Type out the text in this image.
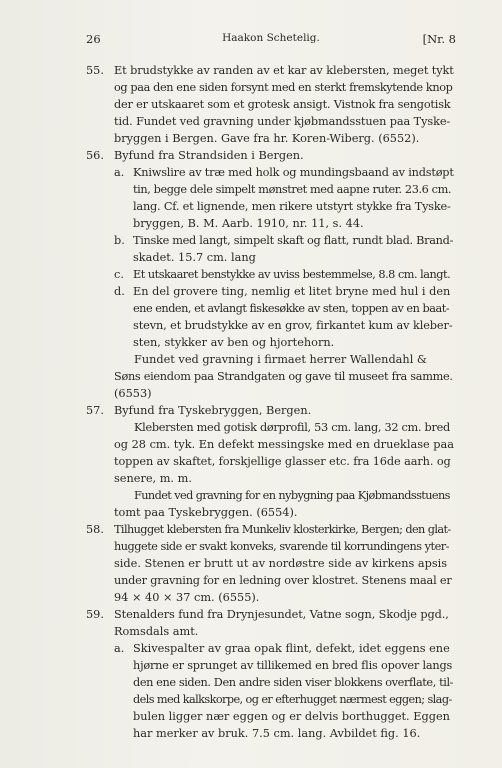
26	Haakon Schetelig.	[Nr. 8
55. Et brudstykke av randen av et kar av klebersten, meget tykt
og paa den ene siden forsynt med en sterkt fremskytende knop
der er utskaaret som et grotesk ansigt. Vistnok fra sengotisk
tid. Fundet ved gravning under kjøbmandsstuen paa Tyske-
bryggen i Bergen. Gave fra hr. Koren-Wiberg. (6552).
56. Byfund fra Strandsiden i Bergen.
a. Kniwslire av træ med holk og mundingsbaand av indstøpt
tin, begge dele simpelt mønstret med aapne ruter. 23.6 cm.
lang. Cf. et lignende, men rikere utstyrt stykke fra Tyske-
bryggen, B. M. Aarb. 1910, nr. 11, s. 44.
b. Tinske med langt, simpelt skaft og flatt, rundt blad. Brand-
skadet. 15.7 cm. lang
c. Et utskaaret benstykke av uviss bestemmelse, 8.8 cm. langt.
d. En del grovere ting, nemlig et litet bryne med hul i den
ene enden, et avlangt fiskesøkke av sten, toppen av en baat-
stevn, et brudstykke av en grov, firkantet kum av kleber-
sten, stykker av ben og hjortehorn.
Fundet ved gravning i firmaet herrer Wallendahl &
Søns eiendom paa Strandgaten og gave til museet fra samme.
(6553)
57. Byfund fra Tyskebryggen, Bergen.
Klebersten med gotisk dørprofil, 53 cm. lang, 32 cm. bred
og 28 cm. tyk. En defekt messingske med en drueklase paa
toppen av skaftet, forskjellige glasser etc. fra 16de aarh. og
senere, m. m.
Fundet ved gravning for en nybygning paa Kjøbmandsstuens
tomt paa Tyskebryggen. (6554).
58. Tilhugget klebersten fra Munkeliv klosterkirke, Bergen; den glat-
huggete side er svakt konveks, svarende til korrundingens yter-
side. Stenen er brutt ut av nordøstre side av kirkens apsis
under gravning for en ledning over klostret. Stenens maal er
94 × 40 × 37 cm. (6555).
59. Stenalders fund fra Drynjesundet, Vatne sogn, Skodje pgd.,
Romsdals amt.
a. Skivespalter av graa opak flint, defekt, idet eggens ene
hjørne er sprunget av tillikemed en bred flis opover langs
den ene siden. Den andre siden viser blokkens overflate, til-
dels med kalkskorpe, og er efterhugget nærmest eggen; slag-
bulen ligger nær eggen og er delvis borthugget. Eggen
har merker av bruk. 7.5 cm. lang. Avbildet fig. 16.
